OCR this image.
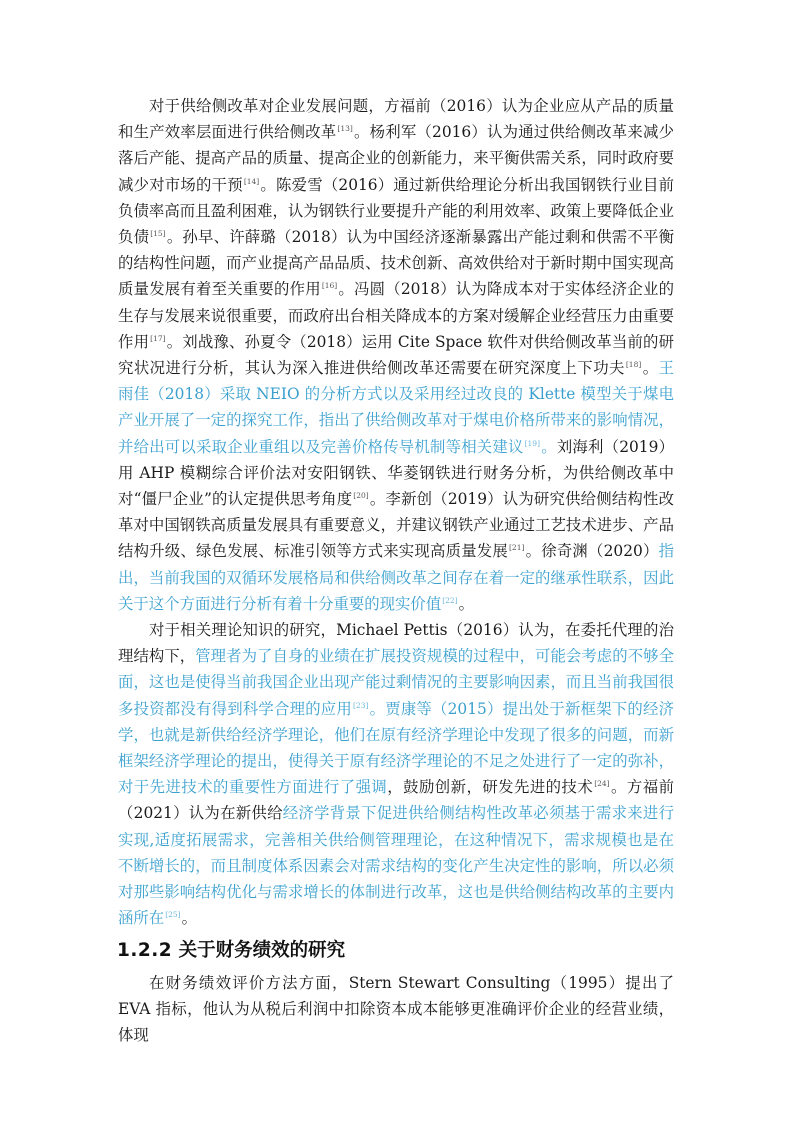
对于供给侧改革对企业发展问题，方福前（2016）认为企业应从产品的质量和生产效率层面进行供给侧改革[13]。杨利军（2016）认为通过供给侧改革来减少落后产能、提高产品的质量、提高企业的创新能力，来平衡供需关系，同时政府要减少对市场的干预[14]。陈爱雪（2016）通过新供给理论分析出我国钢铁行业目前负债率高而且盈利困难，认为钢铁行业要提升产能的利用效率、政策上要降低企业负债[15]。孙早、许薛璐（2018）认为中国经济逐渐暴露出产能过剩和供需不平衡的结构性问题，而产业提高产品品质、技术创新、高效供给对于新时期中国实现高质量发展有着至关重要的作用[16]。冯圆（2018）认为降成本对于实体经济企业的生存与发展来说很重要，而政府出台相关降成本的方案对缓解企业经营压力由重要作用[17]。刘战豫、孙夏令（2018）运用 Cite Space 软件对供给侧改革当前的研究状况进行分析，其认为深入推进供给侧改革还需要在研究深度上下功夫[18]。王雨佳（2018）采取 NEIO 的分析方式以及采用经过改良的 Klette 模型关于煤电产业开展了一定的探究工作，指出了供给侧改革对于煤电价格所带来的影响情况，并给出可以采取企业重组以及完善价格传导机制等相关建议[19]。刘海利（2019）用 AHP 模糊综合评价法对安阳钢铁、华菱钢铁进行财务分析，为供给侧改革中对“僵尸企业”的认定提供思考角度[20]。李新创（2019）认为研究供给侧结构性改革对中国钢铁高质量发展具有重要意义，并建议钢铁产业通过工艺技术进步、产品结构升级、绿色发展、标准引领等方式来实现高质量发展[21]。徐奇渊（2020）指出，当前我国的双循环发展格局和供给侧改革之间存在着一定的继承性联系，因此关于这个方面进行分析有着十分重要的现实价值[22]。

对于相关理论知识的研究，Michael Pettis（2016）认为，在委托代理的治理结构下，管理者为了自身的业绩在扩展投资规模的过程中，可能会考虑的不够全面，这也是使得当前我国企业出现产能过剩情况的主要影响因素，而且当前我国很多投资都没有得到科学合理的应用[23]。贾康等（2015）提出处于新框架下的经济学，也就是新供给经济学理论，他们在原有经济学理论中发现了很多的问题，而新框架经济学理论的提出，使得关于原有经济学理论的不足之处进行了一定的弥补，对于先进技术的重要性方面进行了强调，鼓励创新，研发先进的技术[24]。方福前（2021）认为在新供给经济学背景下促进供给侧结构性改革必须基于需求来进行实现,适度拓展需求，完善相关供给侧管理理论，在这种情况下，需求规模也是在不断增长的，而且制度体系因素会对需求结构的变化产生决定性的影响，所以必须对那些影响结构优化与需求增长的体制进行改革，这也是供给侧结构改革的主要内涵所在[25]。

1.2.2 关于财务绩效的研究

在财务绩效评价方法方面，Stern Stewart Consulting（1995）提出了 EVA 指标，他认为从税后利润中扣除资本成本能够更准确评价企业的经营业绩，体现
